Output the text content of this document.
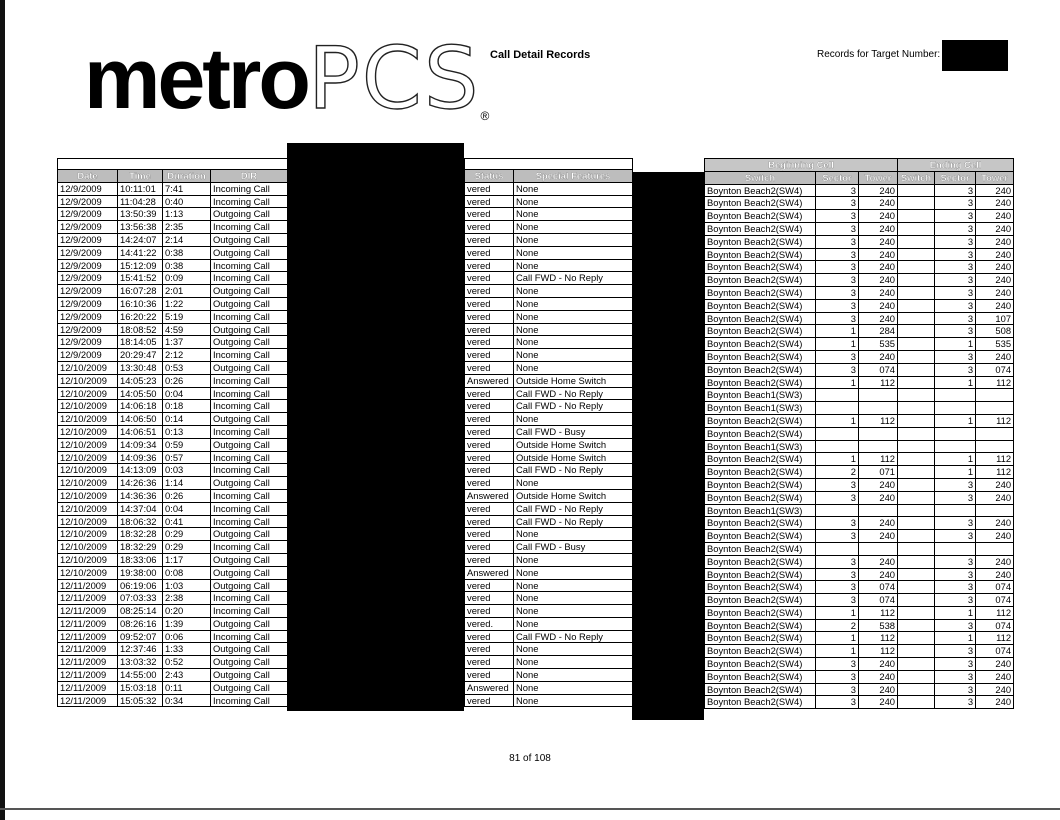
metroPCS®
Call Detail Records	Records for Target Number:

Date	Time	Duration	DIR
12/9/2009	10:11:01	7:41	Incoming Call
12/9/2009	11:04:28	0:40	Incoming Call
12/9/2009	13:50:39	1:13	Outgoing Call
12/9/2009	13:56:38	2:35	Incoming Call
12/9/2009	14:24:07	2:14	Outgoing Call
12/9/2009	14:41:22	0:38	Outgoing Call
12/9/2009	15:12:09	0:38	Incoming Call
12/9/2009	15:41:52	0:09	Incoming Call
12/9/2009	16:07:28	2:01	Outgoing Call
12/9/2009	16:10:36	1:22	Outgoing Call
12/9/2009	16:20:22	5:19	Incoming Call
12/9/2009	18:08:52	4:59	Outgoing Call
12/9/2009	18:14:05	1:37	Outgoing Call
12/9/2009	20:29:47	2:12	Incoming Call
12/10/2009	13:30:48	0:53	Outgoing Call
12/10/2009	14:05:23	0:26	Incoming Call
12/10/2009	14:05:50	0:04	Incoming Call
12/10/2009	14:06:18	0:18	Incoming Call
12/10/2009	14:06:50	0:14	Outgoing Call
12/10/2009	14:06:51	0:13	Incoming Call
12/10/2009	14:09:34	0:59	Outgoing Call
12/10/2009	14:09:36	0:57	Incoming Call
12/10/2009	14:13:09	0:03	Incoming Call
12/10/2009	14:26:36	1:14	Outgoing Call
12/10/2009	14:36:36	0:26	Incoming Call
12/10/2009	14:37:04	0:04	Incoming Call
12/10/2009	18:06:32	0:41	Incoming Call
12/10/2009	18:32:28	0:29	Outgoing Call
12/10/2009	18:32:29	0:29	Incoming Call
12/10/2009	18:33:06	1:17	Outgoing Call
12/10/2009	19:38:00	0:08	Outgoing Call
12/11/2009	06:19:06	1:03	Outgoing Call
12/11/2009	07:03:33	2:38	Incoming Call
12/11/2009	08:25:14	0:20	Incoming Call
12/11/2009	08:26:16	1:39	Outgoing Call
12/11/2009	09:52:07	0:06	Incoming Call
12/11/2009	12:37:46	1:33	Outgoing Call
12/11/2009	13:03:32	0:52	Outgoing Call
12/11/2009	14:55:00	2:43	Outgoing Call
12/11/2009	15:03:18	0:11	Outgoing Call
12/11/2009	15:05:32	0:34	Incoming Call

Status	Special Features
vered	None
vered	None
vered	None
vered	None
vered	None
vered	None
vered	None
vered	Call FWD - No Reply
vered	None
vered	None
vered	None
vered	None
vered	None
vered	None
vered	None
Answered	Outside Home Switch
vered	Call FWD - No Reply
vered	Call FWD - No Reply
vered	None
vered	Call FWD - Busy
vered	Outside Home Switch
vered	Outside Home Switch
vered	Call FWD - No Reply
vered	None
Answered	Outside Home Switch
vered	Call FWD - No Reply
vered	Call FWD - No Reply
vered	None
vered	Call FWD - Busy
vered	None
Answered	None
vered	None
vered	None
vered	None
vered.	None
vered	Call FWD - No Reply
vered	None
vered	None
vered	None
Answered	None
vered	None
Beginning Cell			Ending Cell		
Switch	Sector	Tower	Switch	Sector	Tower
Boynton Beach2(SW4)	3	240		3	240
Boynton Beach2(SW4)	3	240		3	240
Boynton Beach2(SW4)	3	240		3	240
Boynton Beach2(SW4)	3	240		3	240
Boynton Beach2(SW4)	3	240		3	240
Boynton Beach2(SW4)	3	240		3	240
Boynton Beach2(SW4)	3	240		3	240
Boynton Beach2(SW4)	3	240		3	240
Boynton Beach2(SW4)	3	240		3	240
Boynton Beach2(SW4)	3	240		3	240
Boynton Beach2(SW4)	3	240		3	107
Boynton Beach2(SW4)	1	284		3	508
Boynton Beach2(SW4)	1	535		1	535
Boynton Beach2(SW4)	3	240		3	240
Boynton Beach2(SW4)	3	074		3	074
Boynton Beach2(SW4)	1	112		1	112
Boynton Beach1(SW3)					
Boynton Beach1(SW3)					
Boynton Beach2(SW4)	1	112		1	112
Boynton Beach2(SW4)					
Boynton Beach1(SW3)					
Boynton Beach2(SW4)	1	112		1	112
Boynton Beach2(SW4)	2	071		1	112
Boynton Beach2(SW4)	3	240		3	240
Boynton Beach2(SW4)	3	240		3	240
Boynton Beach1(SW3)					
Boynton Beach2(SW4)	3	240		3	240
Boynton Beach2(SW4)	3	240		3	240
Boynton Beach2(SW4)					
Boynton Beach2(SW4)	3	240		3	240
Boynton Beach2(SW4)	3	240		3	240
Boynton Beach2(SW4)	3	074		3	074
Boynton Beach2(SW4)	3	074		3	074
Boynton Beach2(SW4)	1	112		1	112
Boynton Beach2(SW4)	2	538		3	074
Boynton Beach2(SW4)	1	112		1	112
Boynton Beach2(SW4)	1	112		3	074
Boynton Beach2(SW4)	3	240		3	240
Boynton Beach2(SW4)	3	240		3	240
Boynton Beach2(SW4)	3	240		3	240
Boynton Beach2(SW4)	3	240		3	240
81 of 108
